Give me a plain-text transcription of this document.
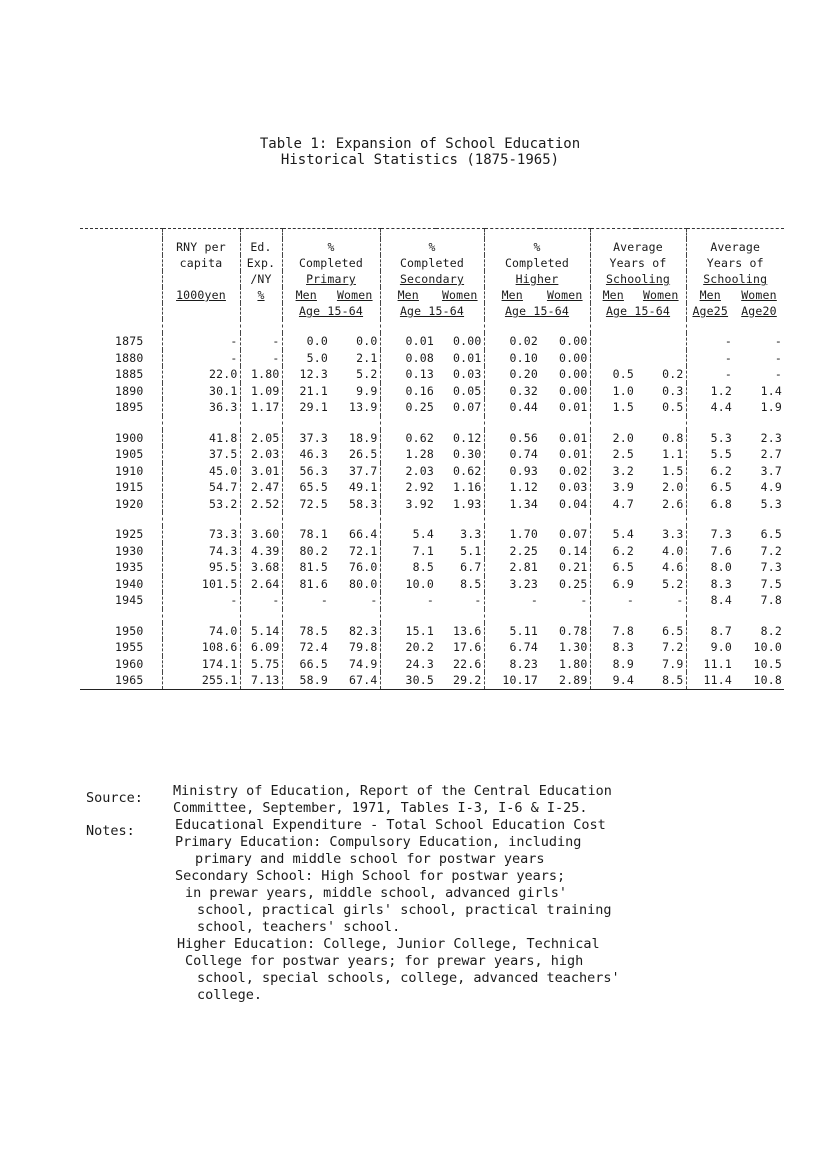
Table 1: Expansion of School Education
Historical Statistics (1875-1965)

	RNY per	Ed.	%		%		%		Average		Average	
	capita	Exp.	Completed		Completed		Completed		Years of		Years of	
		/NY	Primary		Secondary		Higher		Schooling		Schooling	
	1000yen	%	Men	Women	Men	Women	Men	Women	Men	Women	Men	Women
			Age 15-64		Age 15-64		Age 15-64		Age 15-64		Age25	Age20

1875	-	-	0.0	0.0	0.01	0.00	0.02	0.00			-	-
1880	-	-	5.0	2.1	0.08	0.01	0.10	0.00			-	-
1885	22.0	1.80	12.3	5.2	0.13	0.03	0.20	0.00	0.5	0.2	-	-
1890	30.1	1.09	21.1	9.9	0.16	0.05	0.32	0.00	1.0	0.3	1.2	1.4
1895	36.3	1.17	29.1	13.9	0.25	0.07	0.44	0.01	1.5	0.5	4.4	1.9

1900	41.8	2.05	37.3	18.9	0.62	0.12	0.56	0.01	2.0	0.8	5.3	2.3
1905	37.5	2.03	46.3	26.5	1.28	0.30	0.74	0.01	2.5	1.1	5.5	2.7
1910	45.0	3.01	56.3	37.7	2.03	0.62	0.93	0.02	3.2	1.5	6.2	3.7
1915	54.7	2.47	65.5	49.1	2.92	1.16	1.12	0.03	3.9	2.0	6.5	4.9
1920	53.2	2.52	72.5	58.3	3.92	1.93	1.34	0.04	4.7	2.6	6.8	5.3

1925	73.3	3.60	78.1	66.4	5.4	3.3	1.70	0.07	5.4	3.3	7.3	6.5
1930	74.3	4.39	80.2	72.1	7.1	5.1	2.25	0.14	6.2	4.0	7.6	7.2
1935	95.5	3.68	81.5	76.0	8.5	6.7	2.81	0.21	6.5	4.6	8.0	7.3
1940	101.5	2.64	81.6	80.0	10.0	8.5	3.23	0.25	6.9	5.2	8.3	7.5
1945	-	-	-	-	-	-	-	-	-	-	8.4	7.8

1950	74.0	5.14	78.5	82.3	15.1	13.6	5.11	0.78	7.8	6.5	8.7	8.2
1955	108.6	6.09	72.4	79.8	20.2	17.6	6.74	1.30	8.3	7.2	9.0	10.0
1960	174.1	5.75	66.5	74.9	24.3	22.6	8.23	1.80	8.9	7.9	11.1	10.5
1965	255.1	7.13	58.9	67.4	30.5	29.2	10.17	2.89	9.4	8.5	11.4	10.8
Source: Ministry of Education, Report of the Central Education
Committee, September, 1971, Tables I-3, I-6 & I-25.
Notes:	Educational Expenditure - Total School Education Cost
Primary Education: Compulsory Education, including
primary and middle school for postwar years
Secondary School: High School for postwar years;
in prewar years, middle school, advanced girls'
school, practical girls' school, practical training
school, teachers' school.
Higher Education: College, Junior College, Technical
College for postwar years; for prewar years, high
school, special schools, college, advanced teachers'
college.
